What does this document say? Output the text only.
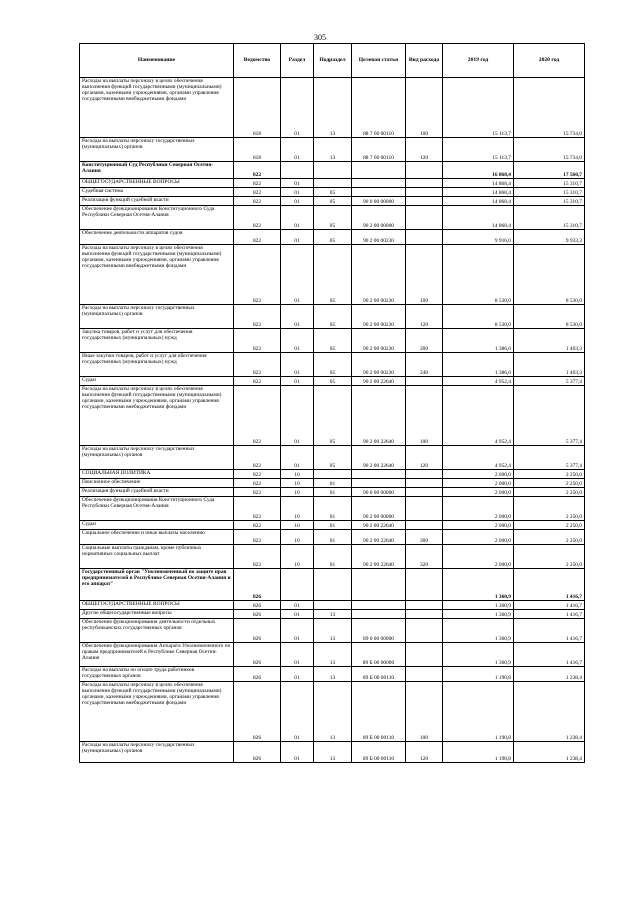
305
Наименование	Ведомство	Раздел	Подраздел	Целевая статья	Вид расхода	2019 год	2020 год
Расходы на выплаты персоналу в целях обеспечения выполнения функций государственными (муниципальными) органами, казенными учреждениями, органами управления государственными внебюджетными фондами	818	01	13	88 7 00 00110	100	15 113,7	15 734,0
Расходы на выплаты персоналу государственных (муниципальных) органов	818	01	13	88 7 00 00110	120	15 113,7	15 734,0
Конституционный Суд Республики Северная Осетия-Алания	822					16 868,4	17 560,7
ОБЩЕГОСУДАРСТВЕННЫЕ ВОПРОСЫ	822	01				14 868,4	15 310,7
Судебная система	822	01	05			14 868,4	15 310,7
Реализация функций судебной власти	822	01	05	90 0 00 00000		14 868,4	15 310,7
Обеспечение функционирования Конституционного Суда Республики Северная Осетия-Алания	822	01	05	90 2 00 00000		14 868,4	15 310,7
Обеспечение деятельности аппаратов судов	822	01	05	90 2 00 00230		9 916,0	9 933,3
Расходы на выплаты персоналу в целях обеспечения выполнения функций государственными (муниципальными) органами, казенными учреждениями, органами управления государственными внебюджетными фондами	822	01	05	90 2 00 00230	100	8 530,0	8 530,0
Расходы на выплаты персоналу государственных (муниципальных) органов	822	01	05	90 2 00 00230	120	8 530,0	8 530,0
Закупка товаров, работ и услуг для обеспечения государственных (муниципальных) нужд	822	01	05	90 2 00 00230	200	1 386,0	1 403,3
Иные закупки товаров, работ и услуг для обеспечения государственных (муниципальных) нужд	822	01	05	90 2 00 00230	240	1 386,0	1 403,3
Судьи	822	01	05	90 2 00 22640		4 952,4	5 377,4
Расходы на выплаты персоналу в целях обеспечения выполнения функций государственными (муниципальными) органами, казенными учреждениями, органами управления государственными внебюджетными фондами	822	01	05	90 2 00 22640	100	4 952,4	5 377,4
Расходы на выплаты персоналу государственных (муниципальных) органов	822	01	05	90 2 00 22640	120	4 952,4	5 377,4
СОЦИАЛЬНАЯ ПОЛИТИКА	822	10				2 000,0	2 250,0
Пенсионное обеспечение	822	10	01			2 000,0	2 250,0
Реализация функций судебной власти	822	10	01	90 0 00 00000		2 000,0	2 250,0
Обеспечение функционирования Конституционного Суда Республики Северная Осетия-Алания	822	10	01	90 2 00 00000		2 000,0	2 250,0
Судьи	822	10	01	90 2 00 22640		2 000,0	2 250,0
Социальное обеспечение и иные выплаты населению	822	10	01	90 2 00 22640	300	2 000,0	2 250,0
Социальные выплаты гражданам, кроме публичных нормативных социальных выплат	822	10	01	90 2 00 22640	320	2 000,0	2 250,0
Государственный орган "Уполномоченный по защите прав предпринимателей в Республике Северная Осетия-Алания и его аппарат"	826					1 360,9	1 416,7
ОБЩЕГОСУДАРСТВЕННЫЕ ВОПРОСЫ	826	01				1 360,9	1 416,7
Другие общегосударственные вопросы	826	01	13			1 360,9	1 416,7
Обеспечение функционирования деятельности отдельных республиканских государственных органов	826	01	13	89 0 00 00000		1 360,9	1 416,7
Обеспечение функционирования Аппарата Уполномоченного по правам предпринимателей в Республике Северная Осетия-Алания	826	01	13	89 Б 00 00000		1 360,9	1 416,7
Расходы на выплаты по оплате труда работников государственных органов	826	01	13	89 Б 00 00110		1 190,8	1 238,4
Расходы на выплаты персоналу в целях обеспечения выполнения функций государственными (муниципальными) органами, казенными учреждениями, органами управления государственными внебюджетными фондами	826	01	13	89 Б 00 00110	100	1 190,8	1 238,4
Расходы на выплаты персоналу государственных (муниципальных) органов	826	01	13	89 Б 00 00110	120	1 190,8	1 238,4
